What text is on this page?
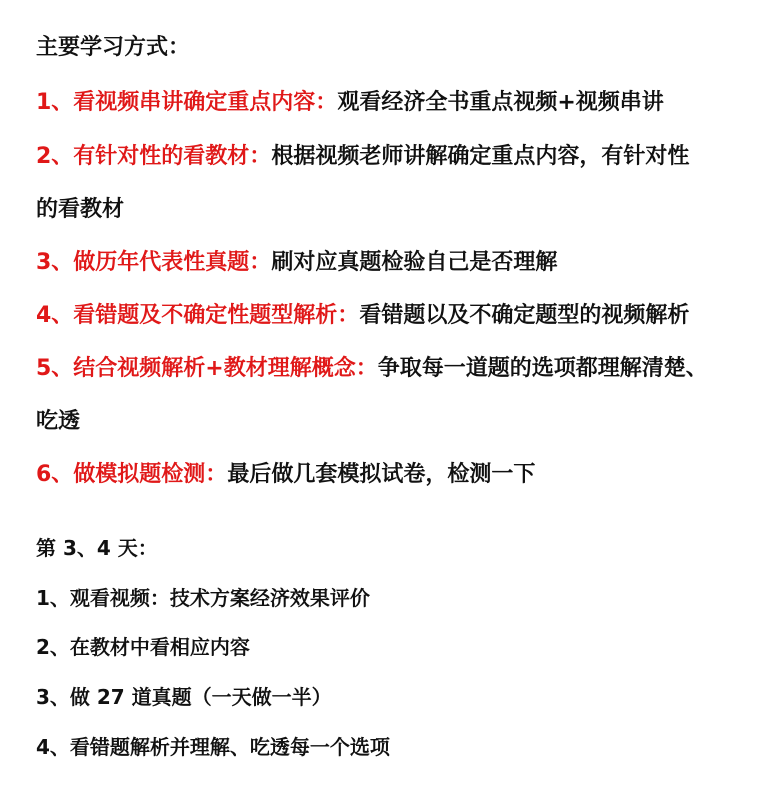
主要学习方式：
1、看视频串讲确定重点内容：观看经济全书重点视频+视频串讲
2、有针对性的看教材：根据视频老师讲解确定重点内容，有针对性
的看教材
3、做历年代表性真题：刷对应真题检验自己是否理解
4、看错题及不确定性题型解析：看错题以及不确定题型的视频解析
5、结合视频解析+教材理解概念：争取每一道题的选项都理解清楚、
吃透
6、做模拟题检测：最后做几套模拟试卷，检测一下
第 3、4 天：
1、观看视频：技术方案经济效果评价
2、在教材中看相应内容
3、做 27 道真题（一天做一半）
4、看错题解析并理解、吃透每一个选项
